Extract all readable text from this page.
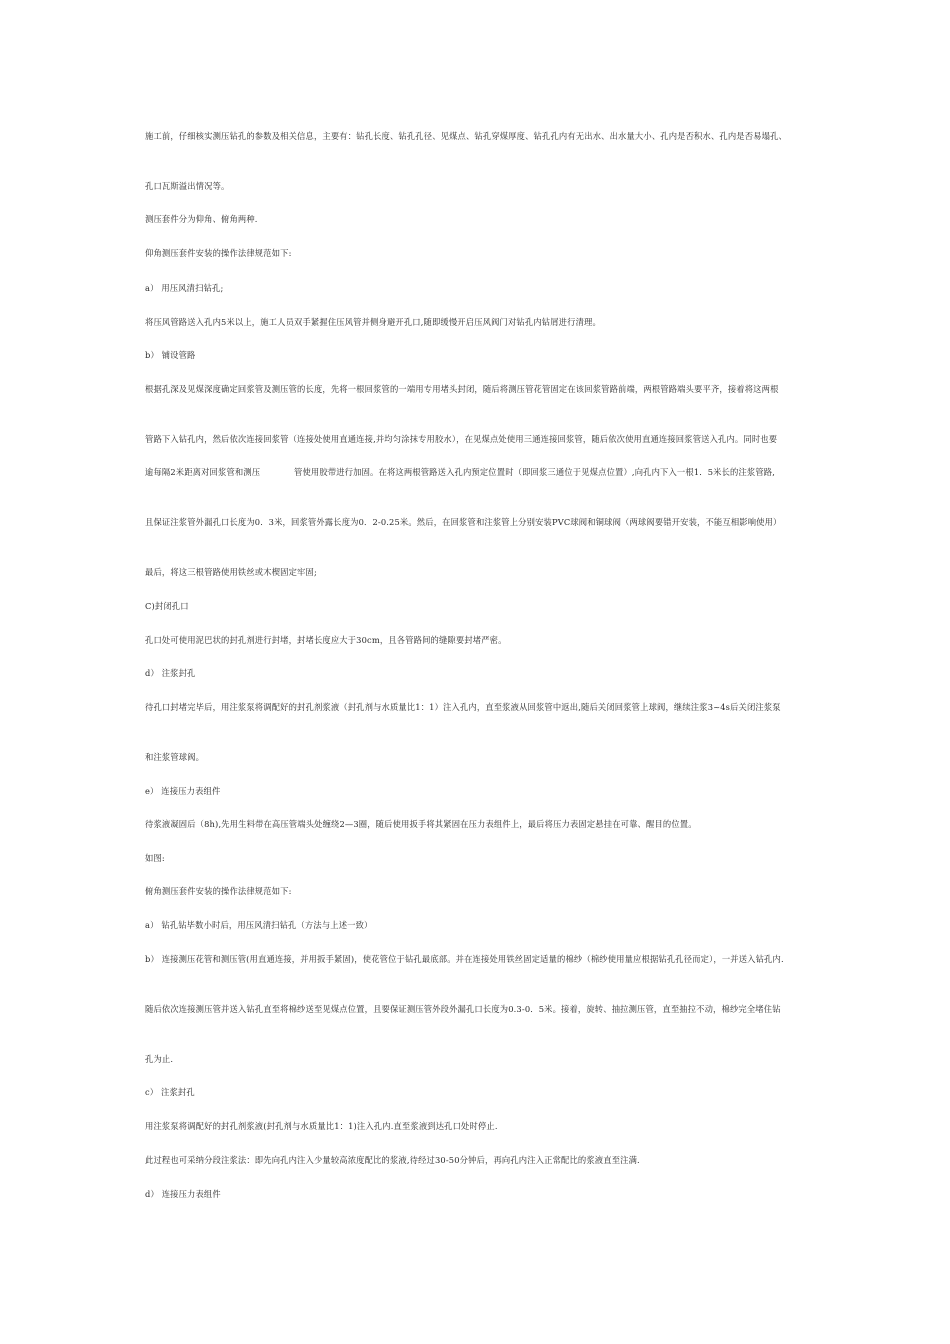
施工前，仔细核实测压钻孔的参数及相关信息，主要有：钻孔长度、钻孔孔径、见煤点、钻孔穿煤厚度、钻孔孔内有无出水、出水量大小、孔内是否积水、孔内是否易塌孔、
孔口瓦斯溢出情况等。
测压套件分为仰角、俯角两种.
仰角测压套件安装的操作法律规范如下:
a） 用压风清扫钻孔;
将压风管路送入孔内5米以上，施工人员双手紧握住压风管并侧身避开孔口,随即缓慢开启压风阀门对钻孔内钻屑进行清理。
b） 铺设管路
根据孔深及见煤深度确定回浆管及测压管的长度，先将一根回浆管的一端用专用堵头封闭，随后将测压管花管固定在该回浆管路前端，两根管路端头要平齐，接着将这两根
管路下入钻孔内，然后依次连接回浆管（连接处使用直通连接,并均匀涂抹专用胶水），在见煤点处使用三通连接回浆管，随后依次使用直通连接回浆管送入孔内。同时也要
逾每隔2米距离对回浆管和测压　　　　管使用胶带进行加固。在将这两根管路送入孔内预定位置时（即回浆三通位于见煤点位置）,向孔内下入一根1．5米长的注浆管路,
且保证注浆管外漏孔口长度为0．3米，回浆管外露长度为0．2-0.25米。然后，在回浆管和注浆管上分别安装PVC球阀和铜球阀（两球阀要错开安装，不能互相影响使用）
最后，将这三根管路使用铁丝或木楔固定牢固;
C)封闭孔口
孔口处可使用泥巴状的封孔剂进行封堵，封堵长度应大于30cm，且各管路间的缝隙要封堵严密。
d） 注浆封孔
待孔口封堵完毕后，用注浆泵将调配好的封孔剂浆液（封孔剂与水质量比1：1）注入孔内，直至浆液从回浆管中返出,随后关闭回浆管上球阀，继续注浆3~4s后关闭注浆泵
和注浆管球阀。
e） 连接压力表组件
待浆液凝固后（8h),先用生料带在高压管端头处缠绕2—3圈，随后使用扳手将其紧固在压力表组件上，最后将压力表固定悬挂在可靠、醒目的位置。
如图:
俯角测压套件安装的操作法律规范如下:
a） 钻孔钻毕数小时后，用压风清扫钻孔（方法与上述一致）
b） 连接测压花管和测压管(用直通连接，并用扳手紧固)，使花管位于钻孔最底部。并在连接处用铁丝固定适量的棉纱（棉纱使用量应根据钻孔孔径而定），一并送入钻孔内.
随后依次连接测压管并送入钻孔直至将棉纱送至见煤点位置，且要保证测压管外段外漏孔口长度为0.3-0．5米。接着，旋转、抽拉测压管，直至抽拉不动，棉纱完全堵住钻
孔为止.
c） 注浆封孔
用注浆泵将调配好的封孔剂浆液(封孔剂与水质量比1：1)注入孔内.直至浆液到达孔口处时停止.
此过程也可采纳分段注浆法：即先向孔内注入少量较高浓度配比的浆液,待经过30-50分钟后，再向孔内注入正常配比的浆液直至注满.
d） 连接压力表组件
